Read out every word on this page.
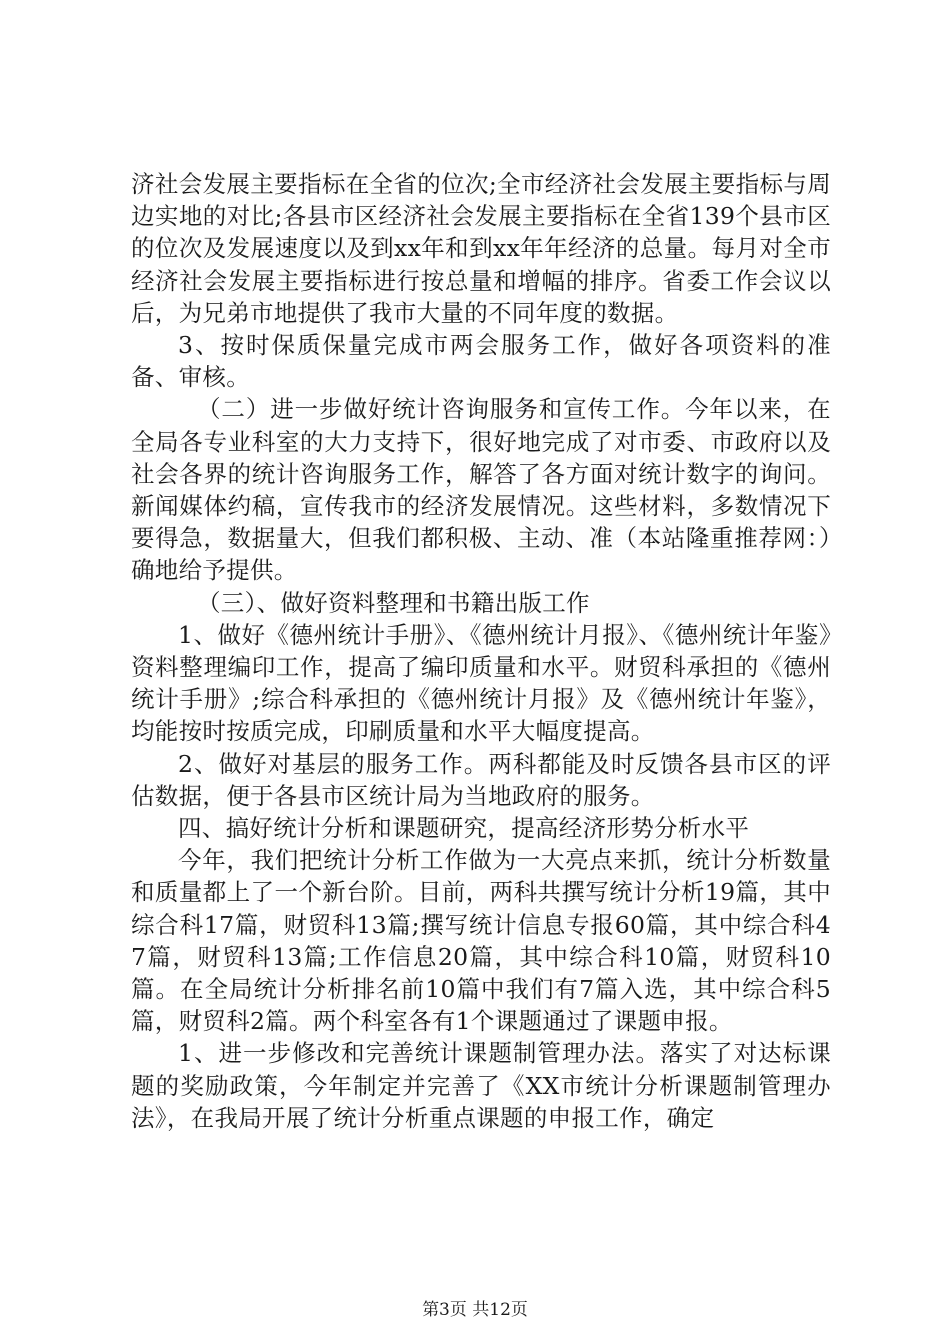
济社会发展主要指标在全省的位次;全市经济社会发展主要指标与周边实地的对比;各县市区经济社会发展主要指标在全省139个县市区的位次及发展速度以及到xx年和到xx年年经济的总量。每月对全市经济社会发展主要指标进行按总量和增幅的排序。省委工作会议以后，为兄弟市地提供了我市大量的不同年度的数据。

3、按时保质保量完成市两会服务工作，做好各项资料的准备、审核。

（二）进一步做好统计咨询服务和宣传工作。今年以来，在全局各专业科室的大力支持下，很好地完成了对市委、市政府以及社会各界的统计咨询服务工作，解答了各方面对统计数字的询问。新闻媒体约稿，宣传我市的经济发展情况。这些材料，多数情况下要得急，数据量大，但我们都积极、主动、准（本站隆重推荐网：）确地给予提供。

（三）、做好资料整理和书籍出版工作

1、做好《德州统计手册》、《德州统计月报》、《德州统计年鉴》资料整理编印工作，提高了编印质量和水平。财贸科承担的《德州统计手册》;综合科承担的《德州统计月报》及《德州统计年鉴》，均能按时按质完成，印刷质量和水平大幅度提高。

2、做好对基层的服务工作。两科都能及时反馈各县市区的评估数据，便于各县市区统计局为当地政府的服务。

四、搞好统计分析和课题研究，提高经济形势分析水平

今年，我们把统计分析工作做为一大亮点来抓，统计分析数量和质量都上了一个新台阶。目前，两科共撰写统计分析19篇，其中综合科17篇，财贸科13篇;撰写统计信息专报60篇，其中综合科47篇，财贸科13篇;工作信息20篇，其中综合科10篇，财贸科10篇。在全局统计分析排名前10篇中我们有7篇入选，其中综合科5篇，财贸科2篇。两个科室各有1个课题通过了课题申报。

1、进一步修改和完善统计课题制管理办法。落实了对达标课题的奖励政策，今年制定并完善了《XX市统计分析课题制管理办法》，在我局开展了统计分析重点课题的申报工作，确定

第3页 共12页
